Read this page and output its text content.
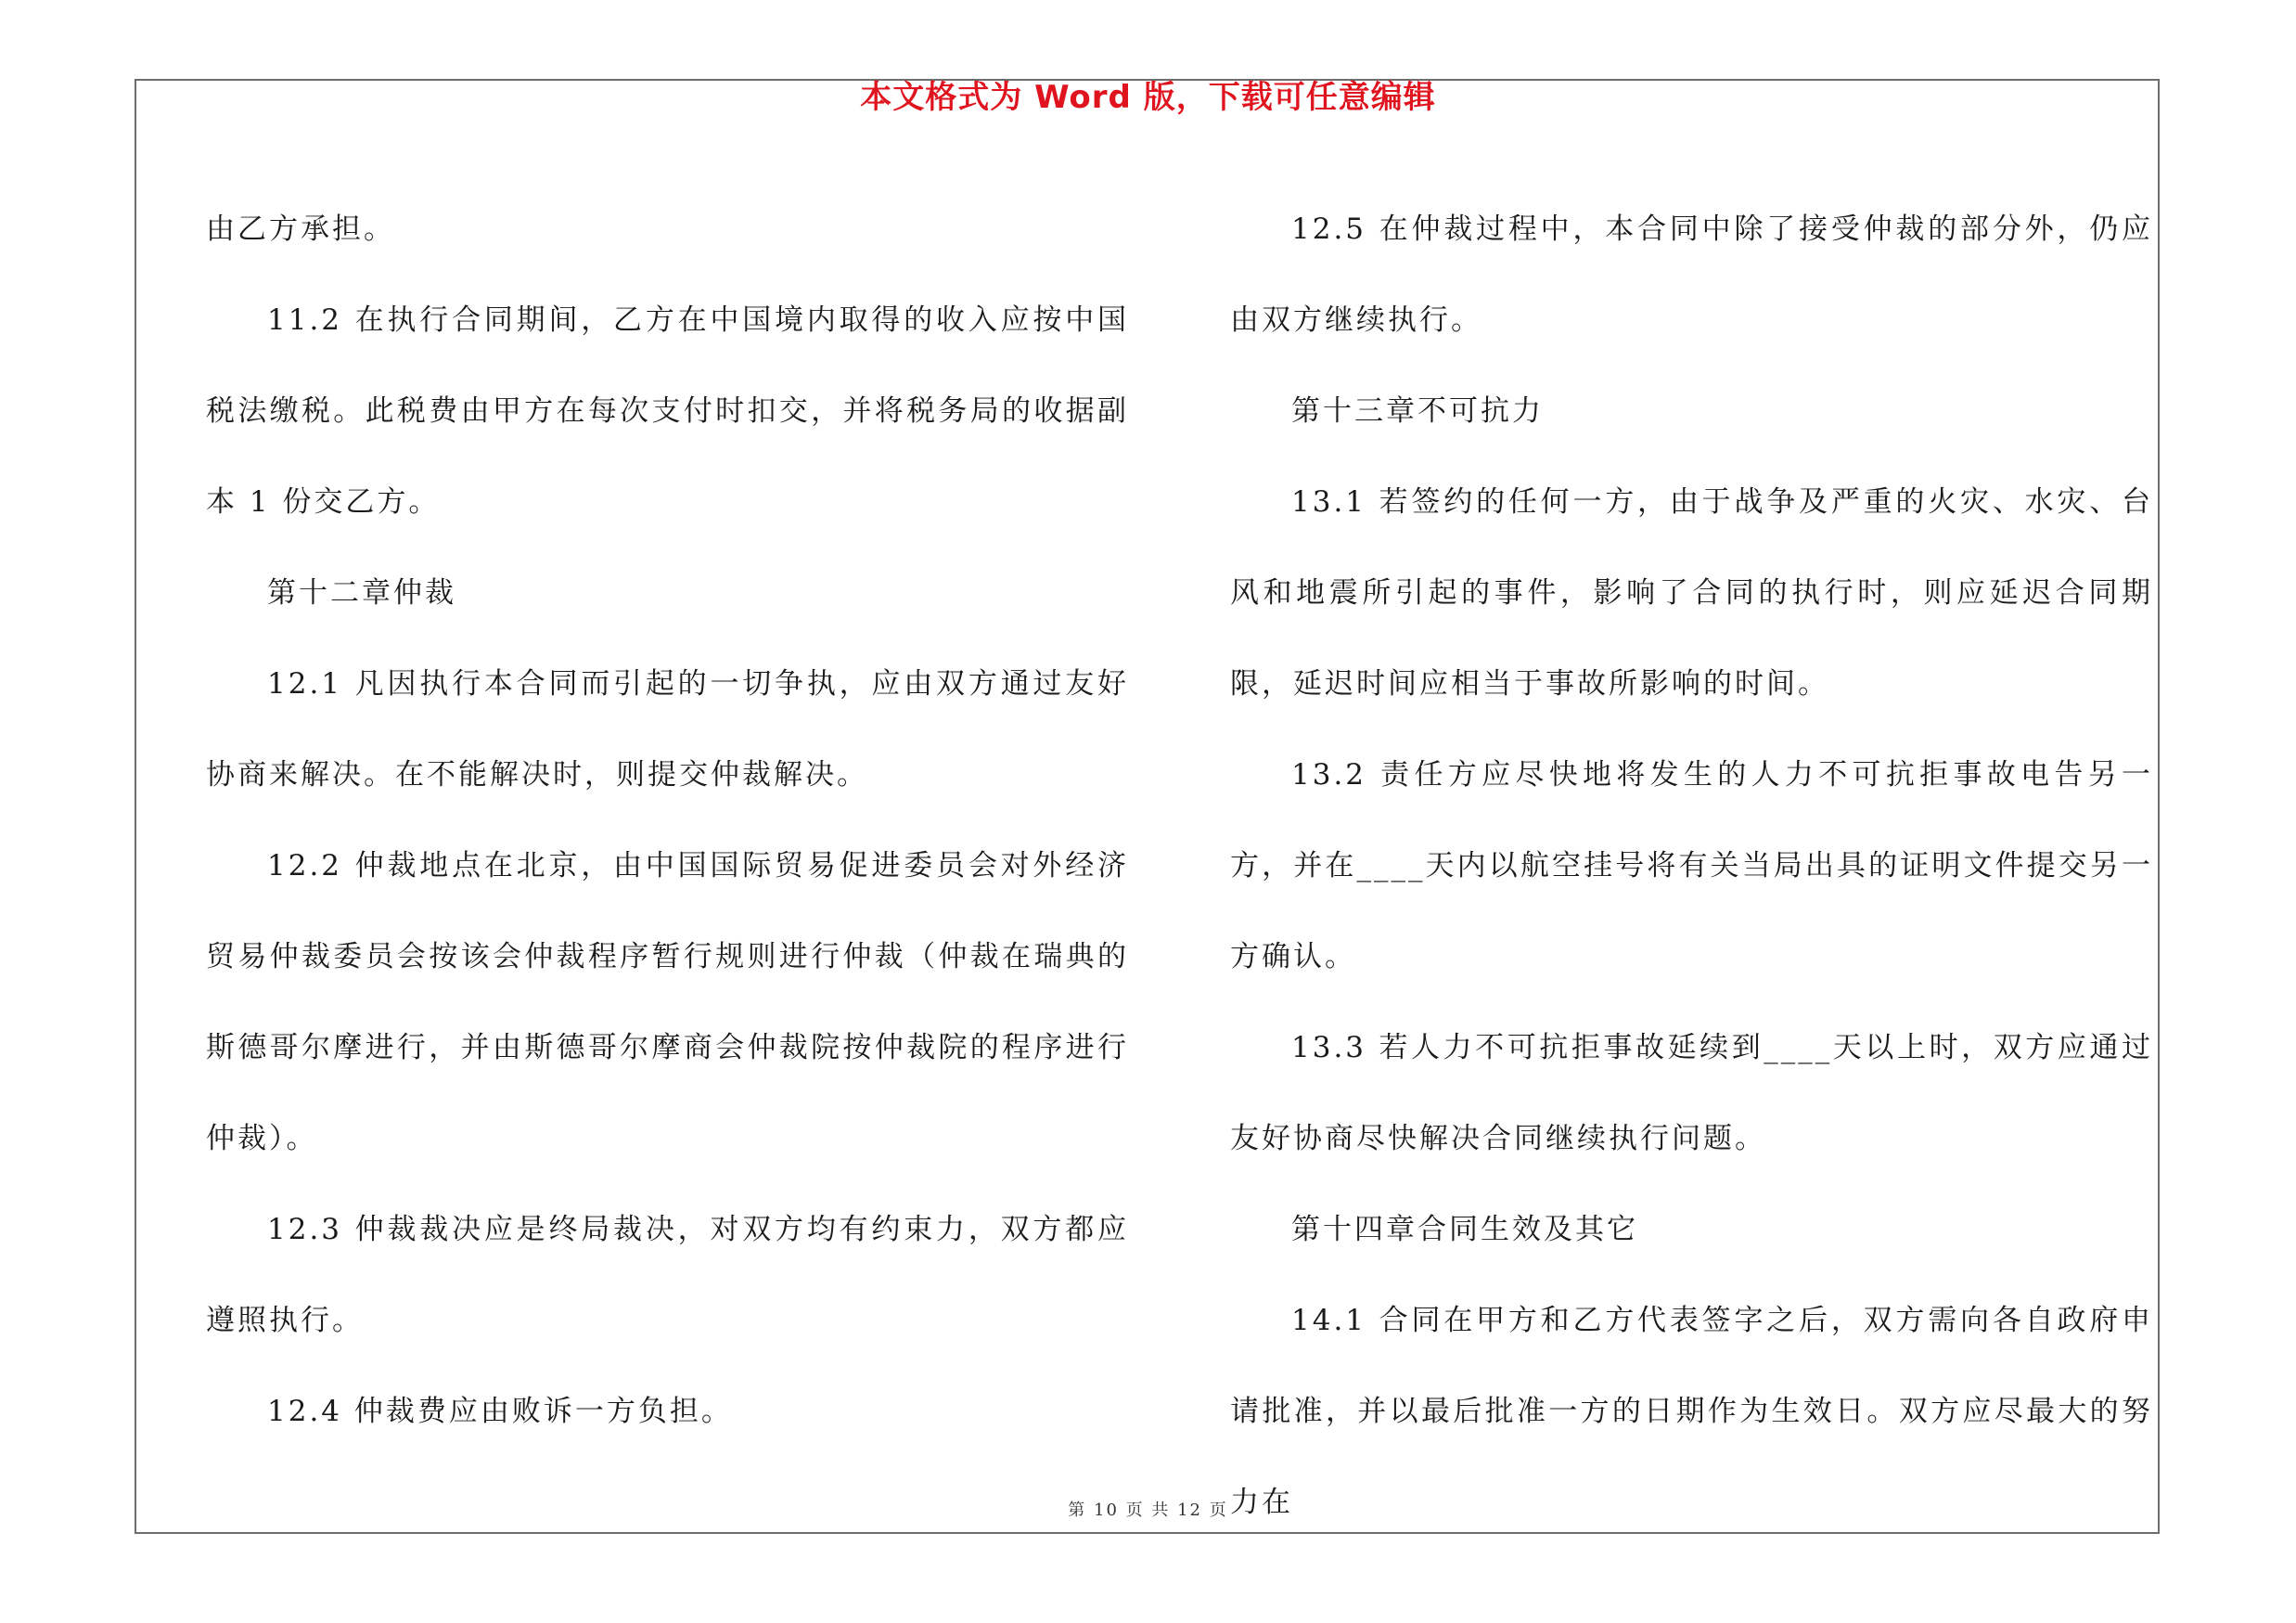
本文格式为 Word 版，下载可任意编辑

由乙方承担。

11.2 在执行合同期间，乙方在中国境内取得的收入应按中国税法缴税。此税费由甲方在每次支付时扣交，并将税务局的收据副本 1 份交乙方。

第十二章仲裁

12.1 凡因执行本合同而引起的一切争执，应由双方通过友好协商来解决。在不能解决时，则提交仲裁解决。

12.2 仲裁地点在北京，由中国国际贸易促进委员会对外经济贸易仲裁委员会按该会仲裁程序暂行规则进行仲裁（仲裁在瑞典的斯德哥尔摩进行，并由斯德哥尔摩商会仲裁院按仲裁院的程序进行仲裁）。

12.3 仲裁裁决应是终局裁决，对双方均有约束力，双方都应遵照执行。

12.4 仲裁费应由败诉一方负担。

12.5 在仲裁过程中，本合同中除了接受仲裁的部分外，仍应由双方继续执行。

第十三章不可抗力

13.1 若签约的任何一方，由于战争及严重的火灾、水灾、台风和地震所引起的事件，影响了合同的执行时，则应延迟合同期限，延迟时间应相当于事故所影响的时间。

13.2 责任方应尽快地将发生的人力不可抗拒事故电告另一方，并在____天内以航空挂号将有关当局出具的证明文件提交另一方确认。

13.3 若人力不可抗拒事故延续到____天以上时，双方应通过友好协商尽快解决合同继续执行问题。

第十四章合同生效及其它

14.1 合同在甲方和乙方代表签字之后，双方需向各自政府申请批准，并以最后批准一方的日期作为生效日。双方应尽最大的努力在

第 10 页 共 12 页
